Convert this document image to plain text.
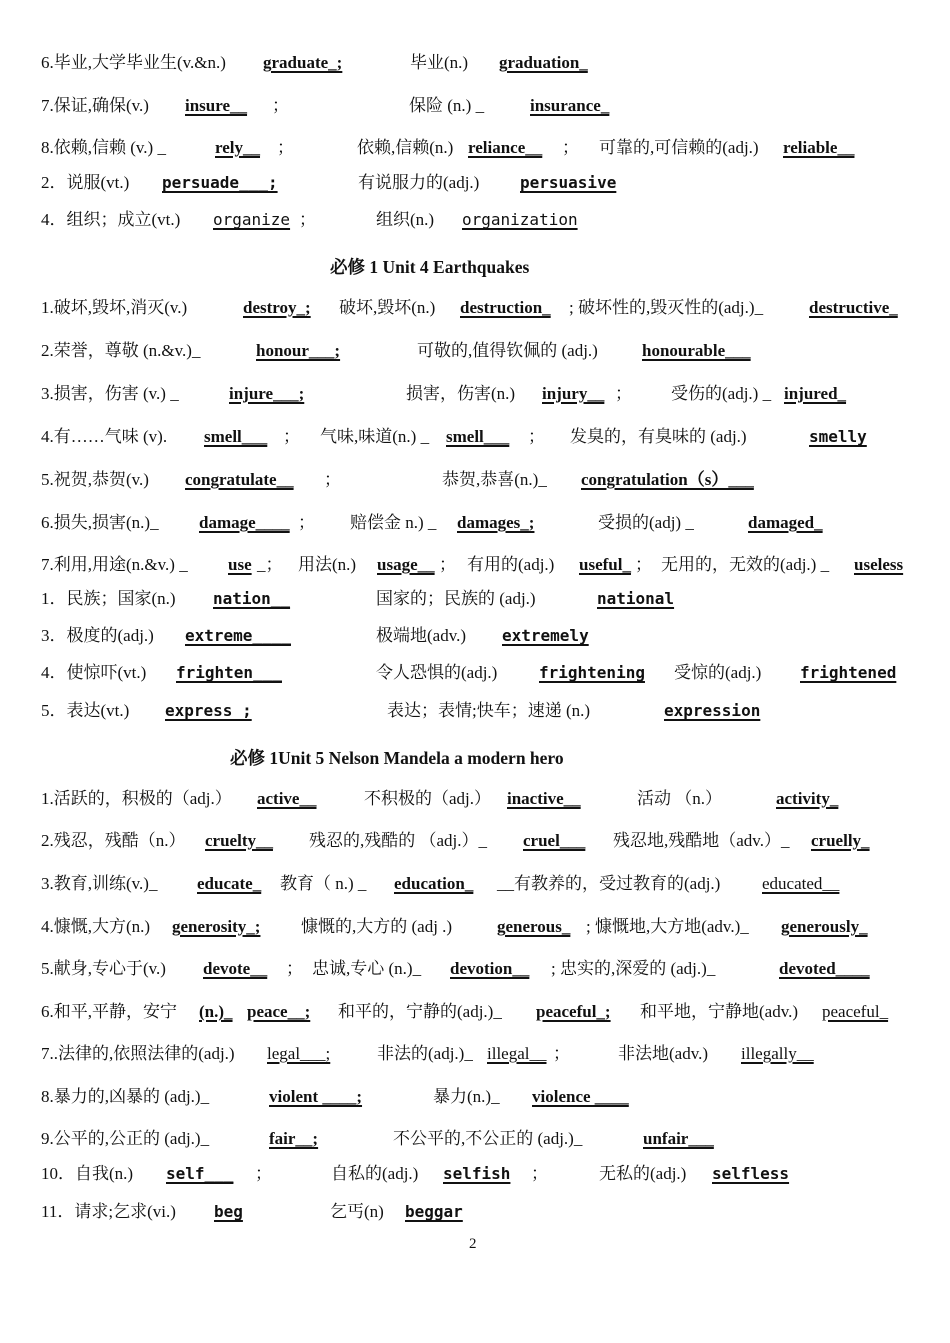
6.毕业,大学毕业生(v.&n.) graduate_;	毕业(n.) graduation_
7.保证,确保(v.) insure__ ；	保险 (n.) _	insurance_
8.依赖,信赖 (v.) _	rely__ ；	依赖,信赖(n.) reliance__ ； 可靠的,可信赖的(adj.) reliable__
2．说服(vt.) persuade___;	有说服力的(adj.)	persuasive
4．组织；成立(vt.) organize ；	组织(n.) organization
必修 1 Unit 4 Earthquakes
1.破坏,毁坏,消灭(v.)	destroy_; 破坏,毁坏(n.) destruction_ ; 破坏性的,毁灭性的(adj.)_	destructive_
2.荣誉，尊敬 (n.&v.)_	honour___;	可敬的,值得钦佩的 (adj.)	honourable___
3.损害，伤害 (v.) _	injure___;	损害，伤害(n.) injury__ ； 受伤的(adj.) _ injured_
4.有……气味 (v). smell___ ； 气味,味道(n.) _ smell___ ； 发臭的，有臭味的 (adj.)	smelly
5.祝贺,恭贺(v.) congratulate__ ；	恭贺,恭喜(n.)_ congratulation（s）___
6.损失,损害(n.)_ damage____ ； 赔偿金 n.) _ damages_;	受损的(adj) _	damaged_
7.利用,用途(n.&v.) _ use _； 用法(n.) usage__ ； 有用的(adj.) useful_ ； 无用的，无效的(adj.) _ useless
1．民族；国家(n.) nation__	国家的；民族的 (adj.)	national
3．极度的(adj.) extreme____	极端地(adv.) extremely
4．使惊吓(vt.) frighten___	令人恐惧的(adj.)	frightening 受惊的(adj.) frightened
5．表达(vt.) express ;	表达；表情;快车；速递 (n.)	expression
必修 1Unit 5 Nelson Mandela a modern hero
1.活跃的，积极的（adj.） active__	不积极的（adj.） inactive__	活动 （n.）	activity_
2.残忍，残酷（n.） cruelty__ 残忍的,残酷的 （adj.）_ cruel___ 残忍地,残酷地（adv.）_ cruelly_
3.教育,训练(v.)_ educate_ 教育（ n.) _ education_ __有教养的，受过教育的(adj.) educated__
4.慷慨,大方(n.) generosity_; 慷慨的,大方的 (adj .)	generous_ ; 慷慨地,大方地(adv.)_ generously_
5.献身,专心于(v.) devote__ ； 忠诚,专心 (n.)_ devotion__ ; 忠实的,深爱的 (adj.)_	devoted____
6.和平,平静，安宁 (n.)_ peace__; 和平的，宁静的(adj.)_ peaceful_; 和平地，宁静地(adv.) peaceful_
7..法律的,依照法律的(adj.) legal___;	非法的(adj.)_ illegal__ ；	非法地(adv.) illegally__
8.暴力的,凶暴的 (adj.)_	violent ____;	暴力(n.)_ violence ____
9.公平的,公正的 (adj.)_	fair__;	不公平的,不公正的 (adj.)_	unfair___
10．自我(n.) self___ ；	自私的(adj.) selfish ；	无私的(adj.) selfless
11．请求;乞求(vi.) beg	乞丐(n) beggar
2
